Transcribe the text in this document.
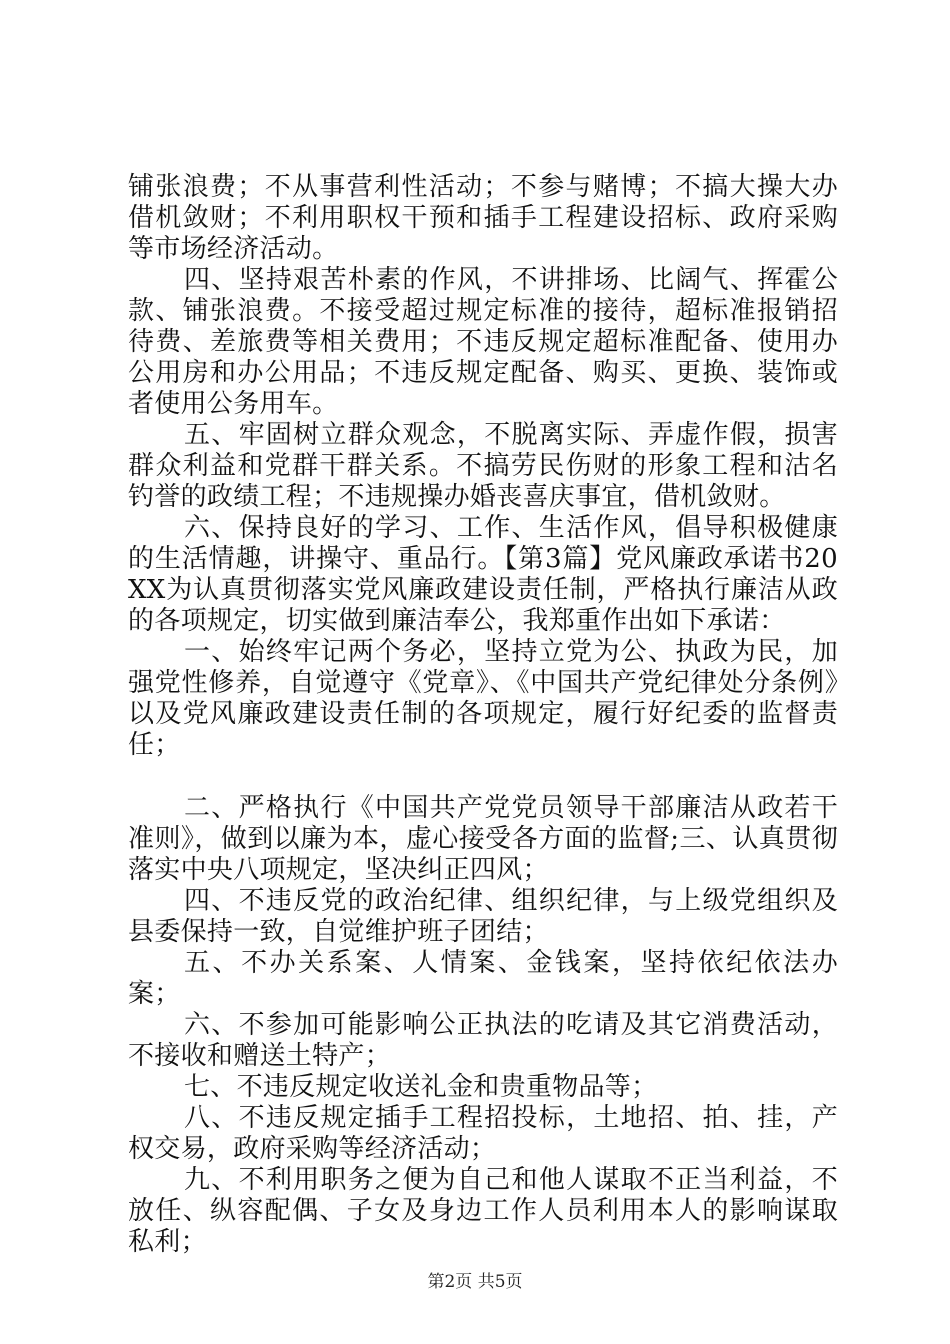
铺张浪费；不从事营利性活动；不参与赌博；不搞大操大办借机敛财；不利用职权干预和插手工程建设招标、政府采购等市场经济活动。

四、坚持艰苦朴素的作风，不讲排场、比阔气、挥霍公款、铺张浪费。不接受超过规定标准的接待，超标准报销招待费、差旅费等相关费用；不违反规定超标准配备、使用办公用房和办公用品；不违反规定配备、购买、更换、装饰或者使用公务用车。

五、牢固树立群众观念，不脱离实际、弄虚作假，损害群众利益和党群干群关系。不搞劳民伤财的形象工程和沽名钓誉的政绩工程；不违规操办婚丧喜庆事宜，借机敛财。

六、保持良好的学习、工作、生活作风，倡导积极健康的生活情趣，讲操守、重品行。【第3篇】党风廉政承诺书20XX为认真贯彻落实党风廉政建设责任制，严格执行廉洁从政的各项规定，切实做到廉洁奉公，我郑重作出如下承诺：

一、始终牢记两个务必，坚持立党为公、执政为民，加强党性修养，自觉遵守《党章》、《中国共产党纪律处分条例》以及党风廉政建设责任制的各项规定，履行好纪委的监督责任；

二、严格执行《中国共产党党员领导干部廉洁从政若干准则》，做到以廉为本，虚心接受各方面的监督;三、认真贯彻落实中央八项规定，坚决纠正四风；

四、不违反党的政治纪律、组织纪律，与上级党组织及县委保持一致，自觉维护班子团结；

五、不办关系案、人情案、金钱案，坚持依纪依法办案；

六、不参加可能影响公正执法的吃请及其它消费活动，不接收和赠送土特产；

七、不违反规定收送礼金和贵重物品等；

八、不违反规定插手工程招投标，土地招、拍、挂，产权交易，政府采购等经济活动；

九、不利用职务之便为自己和他人谋取不正当利益，不放任、纵容配偶、子女及身边工作人员利用本人的影响谋取私利；

第2页 共5页
